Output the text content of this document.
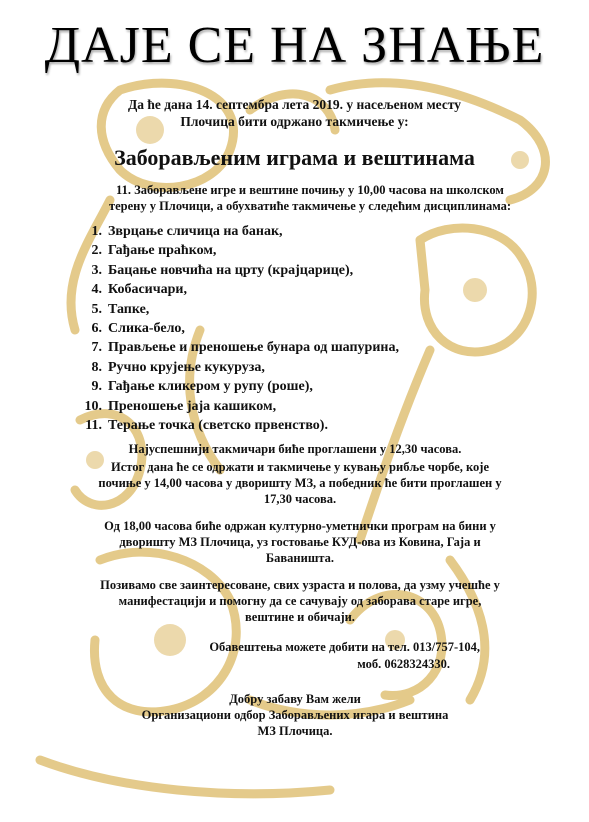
ДАЈЕ СЕ НА ЗНАЊЕ
Да ће дана 14. септембра лета 2019. у насељеном месту
Плочица бити одржано такмичење у:
Заборављеним играма и вештинама
11. Заборављене игре и вештине почињу у 10,00 часова на школском
терену у Плочици, а обухватиће такмичење у следећим дисциплинама:
1. Зврцање сличица на банак,
2. Гађање праћком,
3. Бацање новчића на црту (крајцарице),
4. Кобасичари,
5. Тапке,
6. Слика-бело,
7. Прављење и преношење бунара од шапурина,
8. Ручно крујење кукуруза,
9. Гађање кликером у рупу (роше),
10. Преношење јаја кашиком,
11. Терање точка (светско првенство).
Најуспешнији такмичари биће проглашени у 12,30 часова.
Истог дана ће се одржати и такмичење у кувању рибље чорбе, које
почиње у 14,00 часова у дворишту МЗ, а победник ће бити проглашен у
17,30 часова.
Од 18,00 часова биће одржан културно-уметнички програм на бини у
дворишту МЗ Плочица, уз гостовање КУД-ова из Ковина, Гаја и
Баваништа.
Позивамо све заинтересоване, свих узраста и полова, да узму учешће у
манифестацији и помогну да се сачувају од заборава старе игре,
вештине и обичаји.
Обавештења можете добити на тел. 013/757-104,
моб. 0628324330.
Добру забаву Вам жели
Организациони одбор Заборављених игара и вештина
МЗ Плочица.
